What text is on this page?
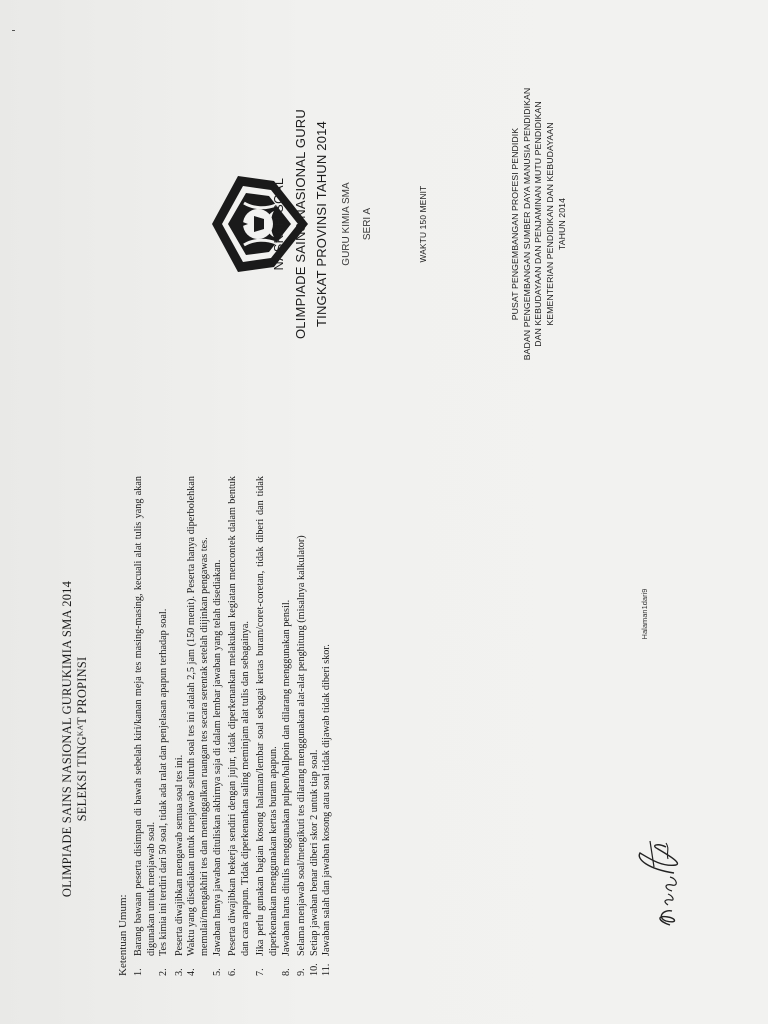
OLIMPIADE SAINS NASIONAL GURUKIMIA SMA 2014 SELEKSI TINGᴷᴬT PROPINSI
Ketentuan Umum: 1.
Barang bawaan peserta disimpan di bawah sebelah kiri/kanan meja tes masing-masing, kecuali alat tulis yang akan digunakan untuk menjawab soal.
2.
Tes kimia ini terdiri dari 50 soal, tidak ada ralat dan penjelasan apapun terhadap soal.
3.
Peserta diwajibkan mengawab semua soal tes ini.
4.
Waktu yang disediakan untuk menjawab seluruh soal tes ini adalah 2,5 jam (150 menit). Peserta hanya diperbolehkan memulai/mengakhiri tes dan meninggalkan ruangan tes secara serentak setelah diijinkan pengawas tes.
5.
Jawaban hanya jawaban dituliskan akhirnya saja di dalam lembar jawaban yang telah disediakan.
6.
Peserta diwajibkan bekerja sendiri dengan jujur, tidak diperkenankan melakukan kegiatan mencontek dalam bentuk dan cara apapun. Tidak diperkenankan saling meminjam alat tulis dan sebagainya.
7.
Jika perlu gunakan bagian kosong halaman/lembar soal sebagai kertas buram/coret-coretan, tidak diberi dan tidak diperkenankan menggunakan kertas buram apapun.
8.
Jawaban harus ditulis menggunakan pulpen/ballpoin dan dilarang menggunakan pensil.
9.
Selama menjawab soal/mengikuti tes dilarang menggunakan alat-alat penghitung (misalnya kalkulator)
10.
Setiap jawaban benar diberi skor 2 untuk tiap soal.
11.
Jawaban salah dan jawaban kosong atau soal tidak dijawab tidak diberi skor.
Halaman1dari9
NASKAH SOAL OLIMPIADE SAINS NASIONAL GURU TINGKAT PROVINSI TAHUN 2014	GURU KIMIA SMA	SERI A	WAKTU 150 MENIT	PUSAT PENGEMBANGAN PROFESI PENDIDIK BADAN PENGEMBANGAN SUMBER DAYA MANUSIA PENDIDIKAN DAN KEBUDAYAAN DAN PENJAMINAN MUTU PENDIDIKAN KEMENTERIAN PENDIDIKAN DAN KEBUDAYAAN TAHUN 2014
